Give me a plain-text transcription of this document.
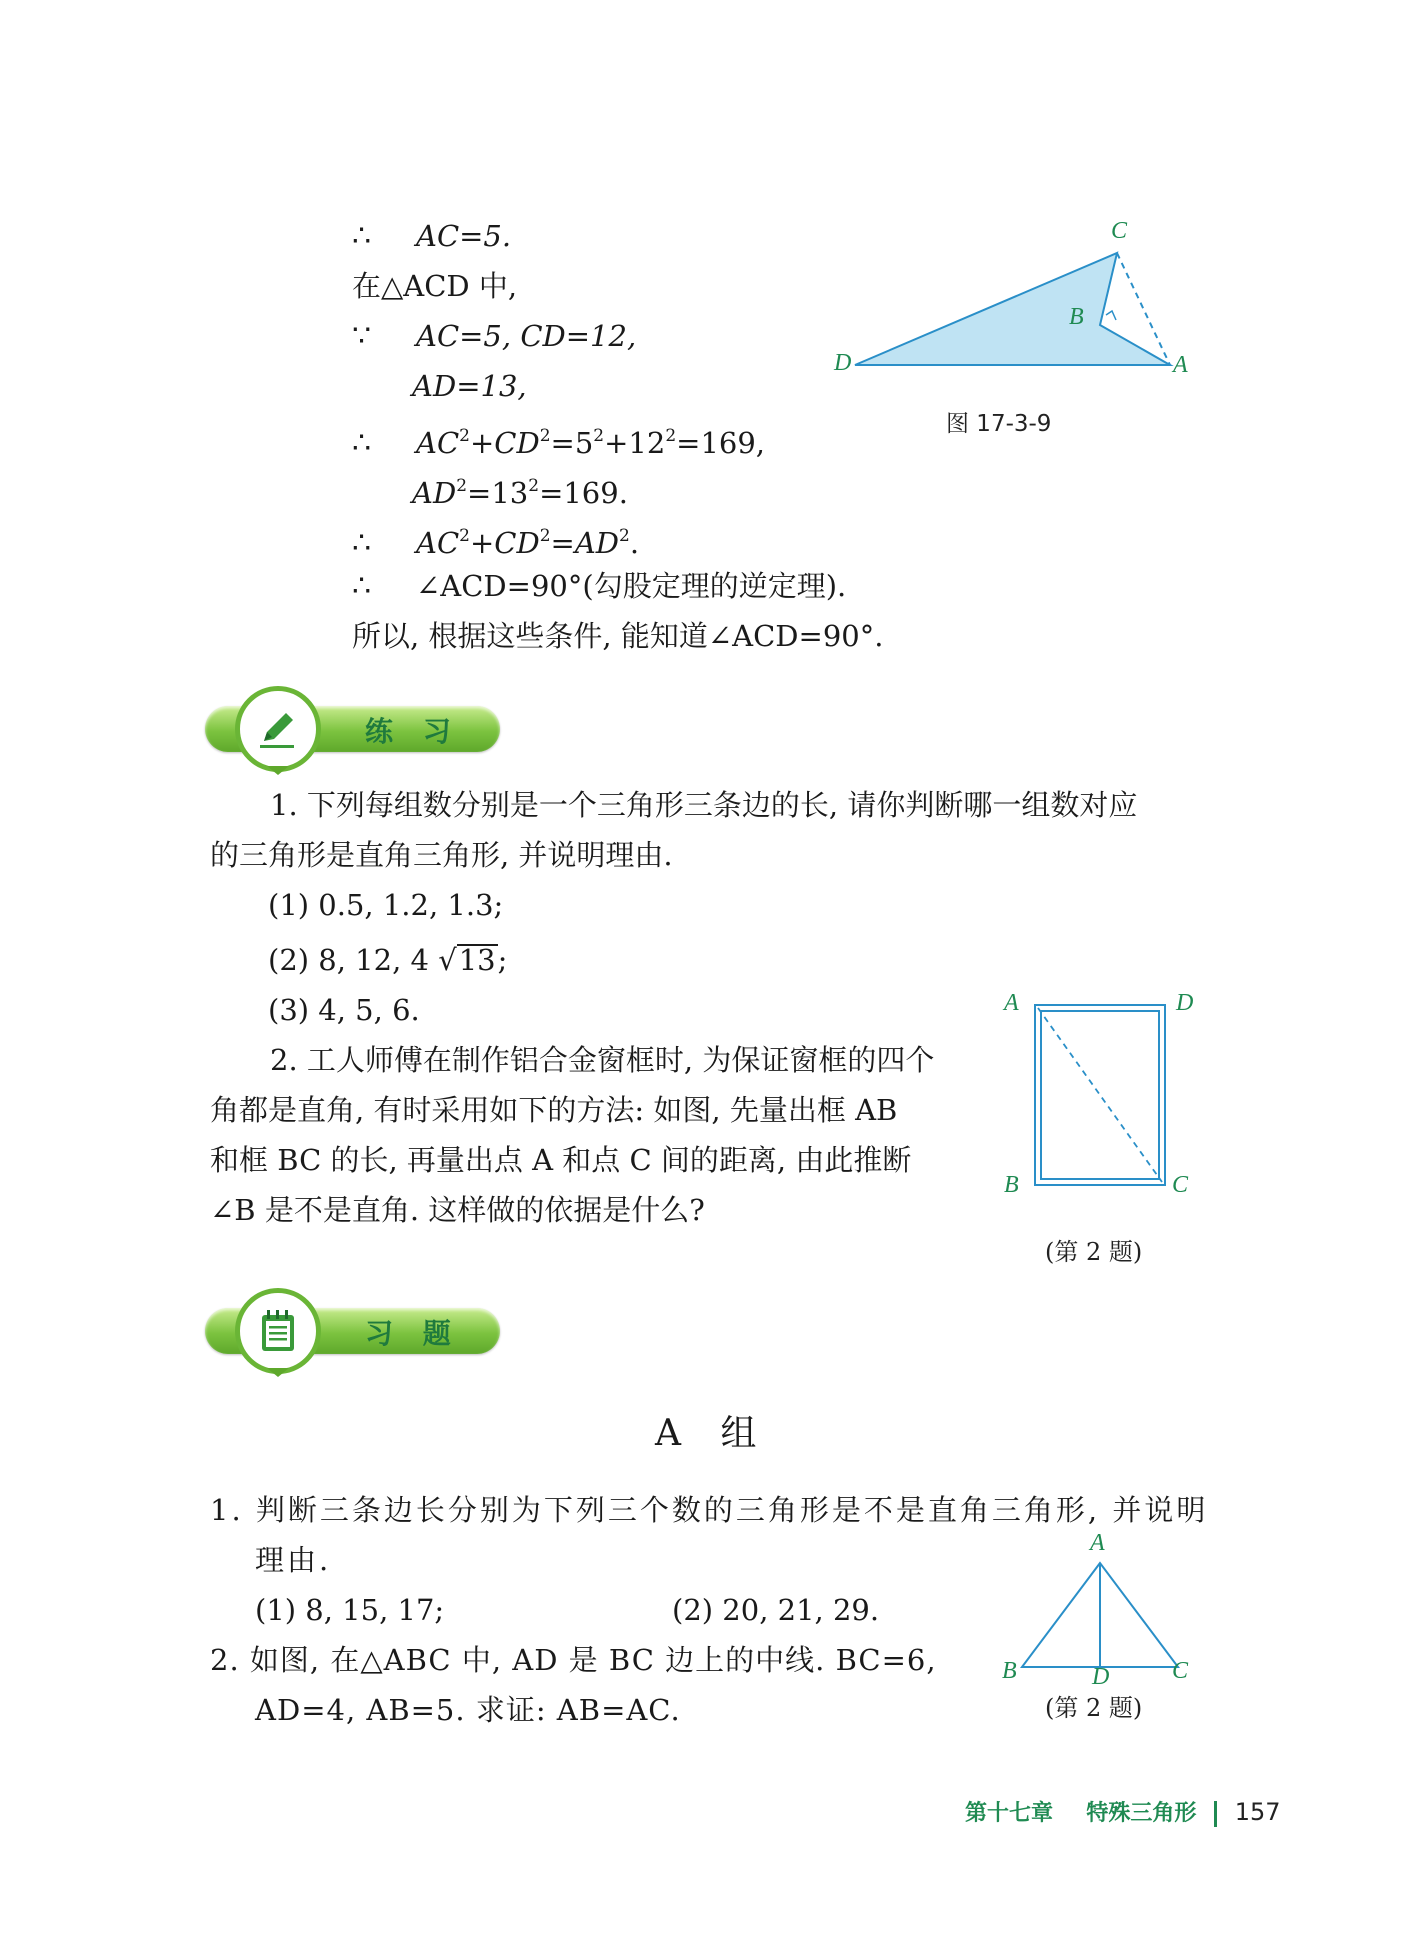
∴ AC=5.
在△ACD 中,
∵ AC=5, CD=12,
AD=13,
∴ $AC^2+CD^2=5^2+12^2=169$,
$AD^2=13^2=169$.
∴ $AC^2+CD^2=AD^2$.
∴ ∠ACD=90°(勾股定理的逆定理).
所以, 根据这些条件, 能知道∠ACD=90°.
C
B
D	A
图 17-3-9
练 习
1. 下列每组数分别是一个三角形三条边的长, 请你判断哪一组数对应
的三角形是直角三角形, 并说明理由.
(1) 0.5, 1.2, 1.3;
(2) 8, 12, 4 √13;
(3) 4, 5, 6.
2. 工人师傅在制作铝合金窗框时, 为保证窗框的四个
角都是直角, 有时采用如下的方法: 如图, 先量出框 AB
和框 BC 的长, 再量出点 A 和点 C 间的距离, 由此推断
∠B 是不是直角. 这样做的依据是什么?
A	D
B	C
(第 2 题)
习 题
A 组
1. 判断三条边长分别为下列三个数的三角形是不是直角三角形, 并说明
理由.
(1) 8, 15, 17;	(2) 20, 21, 29.
2. 如图, 在△ABC 中, AD 是 BC 边上的中线. BC=6,
AD=4, AB=5. 求证: AB=AC.
A
B	D	C
(第 2 题)
第十七章 特殊三角形 157
